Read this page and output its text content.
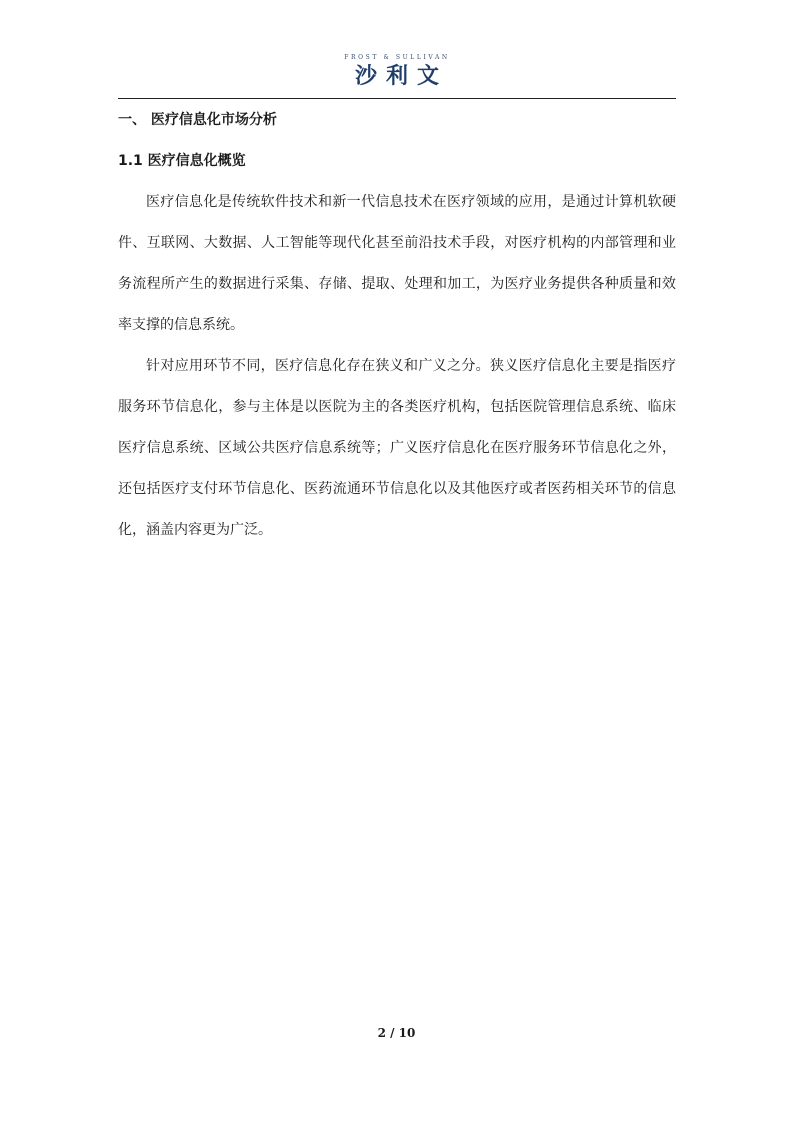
FROST & SULLIVAN
沙利文
一、 医疗信息化市场分析
1.1 医疗信息化概览

医疗信息化是传统软件技术和新一代信息技术在医疗领域的应用，是通过计算机软硬件、互联网、大数据、人工智能等现代化甚至前沿技术手段，对医疗机构的内部管理和业务流程所产生的数据进行采集、存储、提取、处理和加工，为医疗业务提供各种质量和效率支撑的信息系统。

针对应用环节不同，医疗信息化存在狭义和广义之分。狭义医疗信息化主要是指医疗服务环节信息化，参与主体是以医院为主的各类医疗机构，包括医院管理信息系统、临床医疗信息系统、区域公共医疗信息系统等；广义医疗信息化在医疗服务环节信息化之外，还包括医疗支付环节信息化、医药流通环节信息化以及其他医疗或者医药相关环节的信息化，涵盖内容更为广泛。

2 / 10
